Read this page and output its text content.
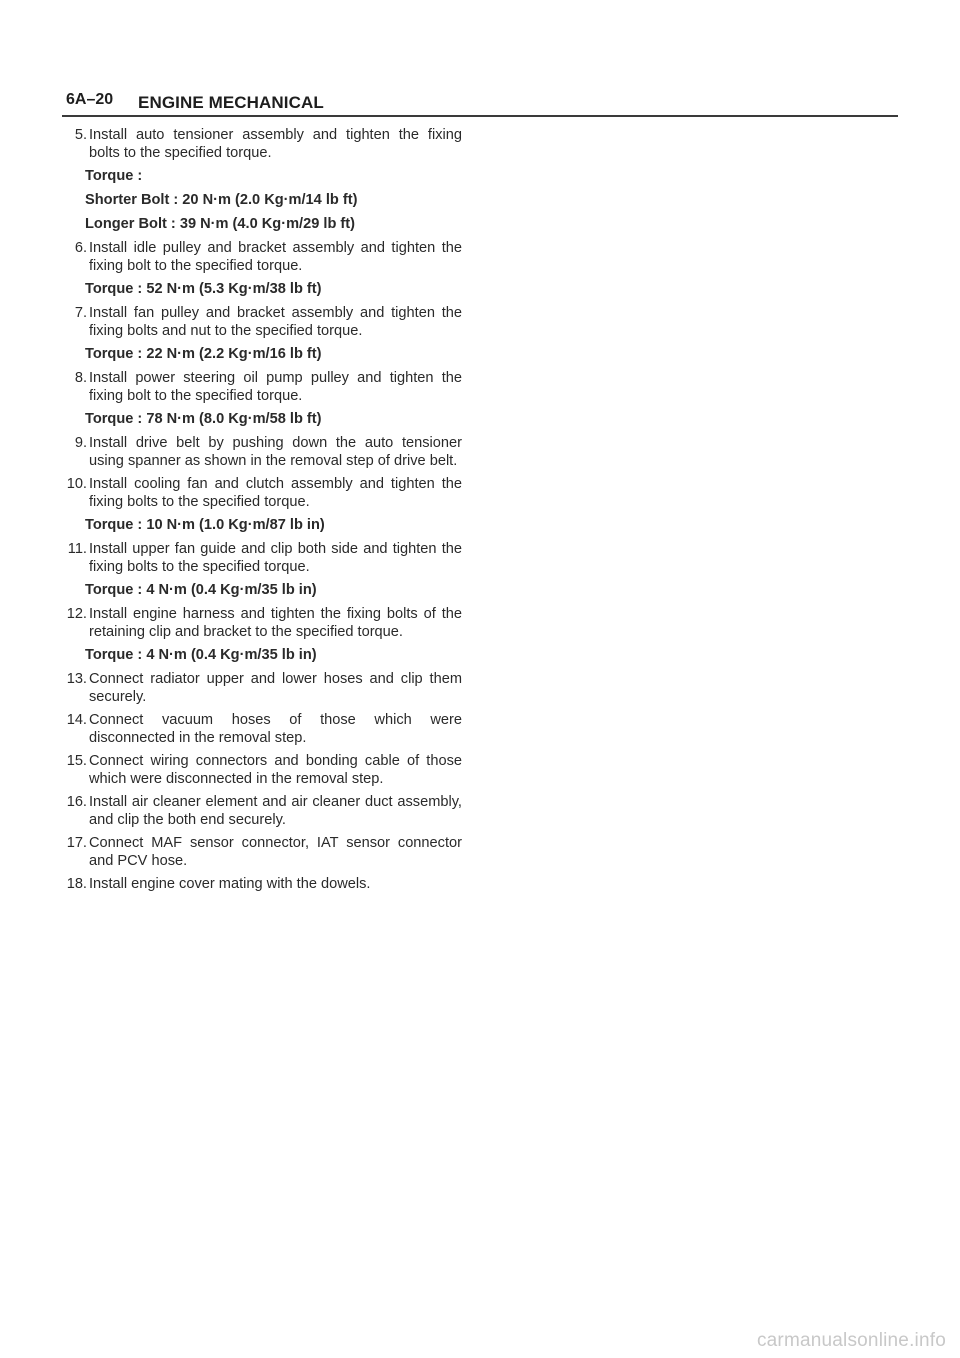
6A–20 ENGINE MECHANICAL
5. Install auto tensioner assembly and tighten the fixing bolts to the specified torque.
Torque :
Shorter Bolt : 20 N·m (2.0 Kg·m/14 lb ft)
Longer Bolt : 39 N·m (4.0 Kg·m/29 lb ft)
6. Install idle pulley and bracket assembly and tighten the fixing bolt to the specified torque.
Torque : 52 N·m (5.3 Kg·m/38 lb ft)
7. Install fan pulley and bracket assembly and tighten the fixing bolts and nut to the specified torque.
Torque : 22 N·m (2.2 Kg·m/16 lb ft)
8. Install power steering oil pump pulley and tighten the fixing bolt to the specified torque.
Torque : 78 N·m (8.0 Kg·m/58 lb ft)
9. Install drive belt by pushing down the auto tensioner using spanner as shown in the removal step of drive belt.
10. Install cooling fan and clutch assembly and tighten the fixing bolts to the specified torque.
Torque : 10 N·m (1.0 Kg·m/87 lb in)
11. Install upper fan guide and clip both side and tighten the fixing bolts to the specified torque.
Torque : 4 N·m (0.4 Kg·m/35 lb in)
12. Install engine harness and tighten the fixing bolts of the retaining clip and bracket to the specified torque.
Torque : 4 N·m (0.4 Kg·m/35 lb in)
13. Connect radiator upper and lower hoses and clip them securely.
14. Connect vacuum hoses of those which were disconnected in the removal step.
15. Connect wiring connectors and bonding cable of those which were disconnected in the removal step.
16. Install air cleaner element and air cleaner duct assembly, and clip the both end securely.
17. Connect MAF sensor connector, IAT sensor connector and PCV hose.
18. Install engine cover mating with the dowels.
carmanualsonline.info
